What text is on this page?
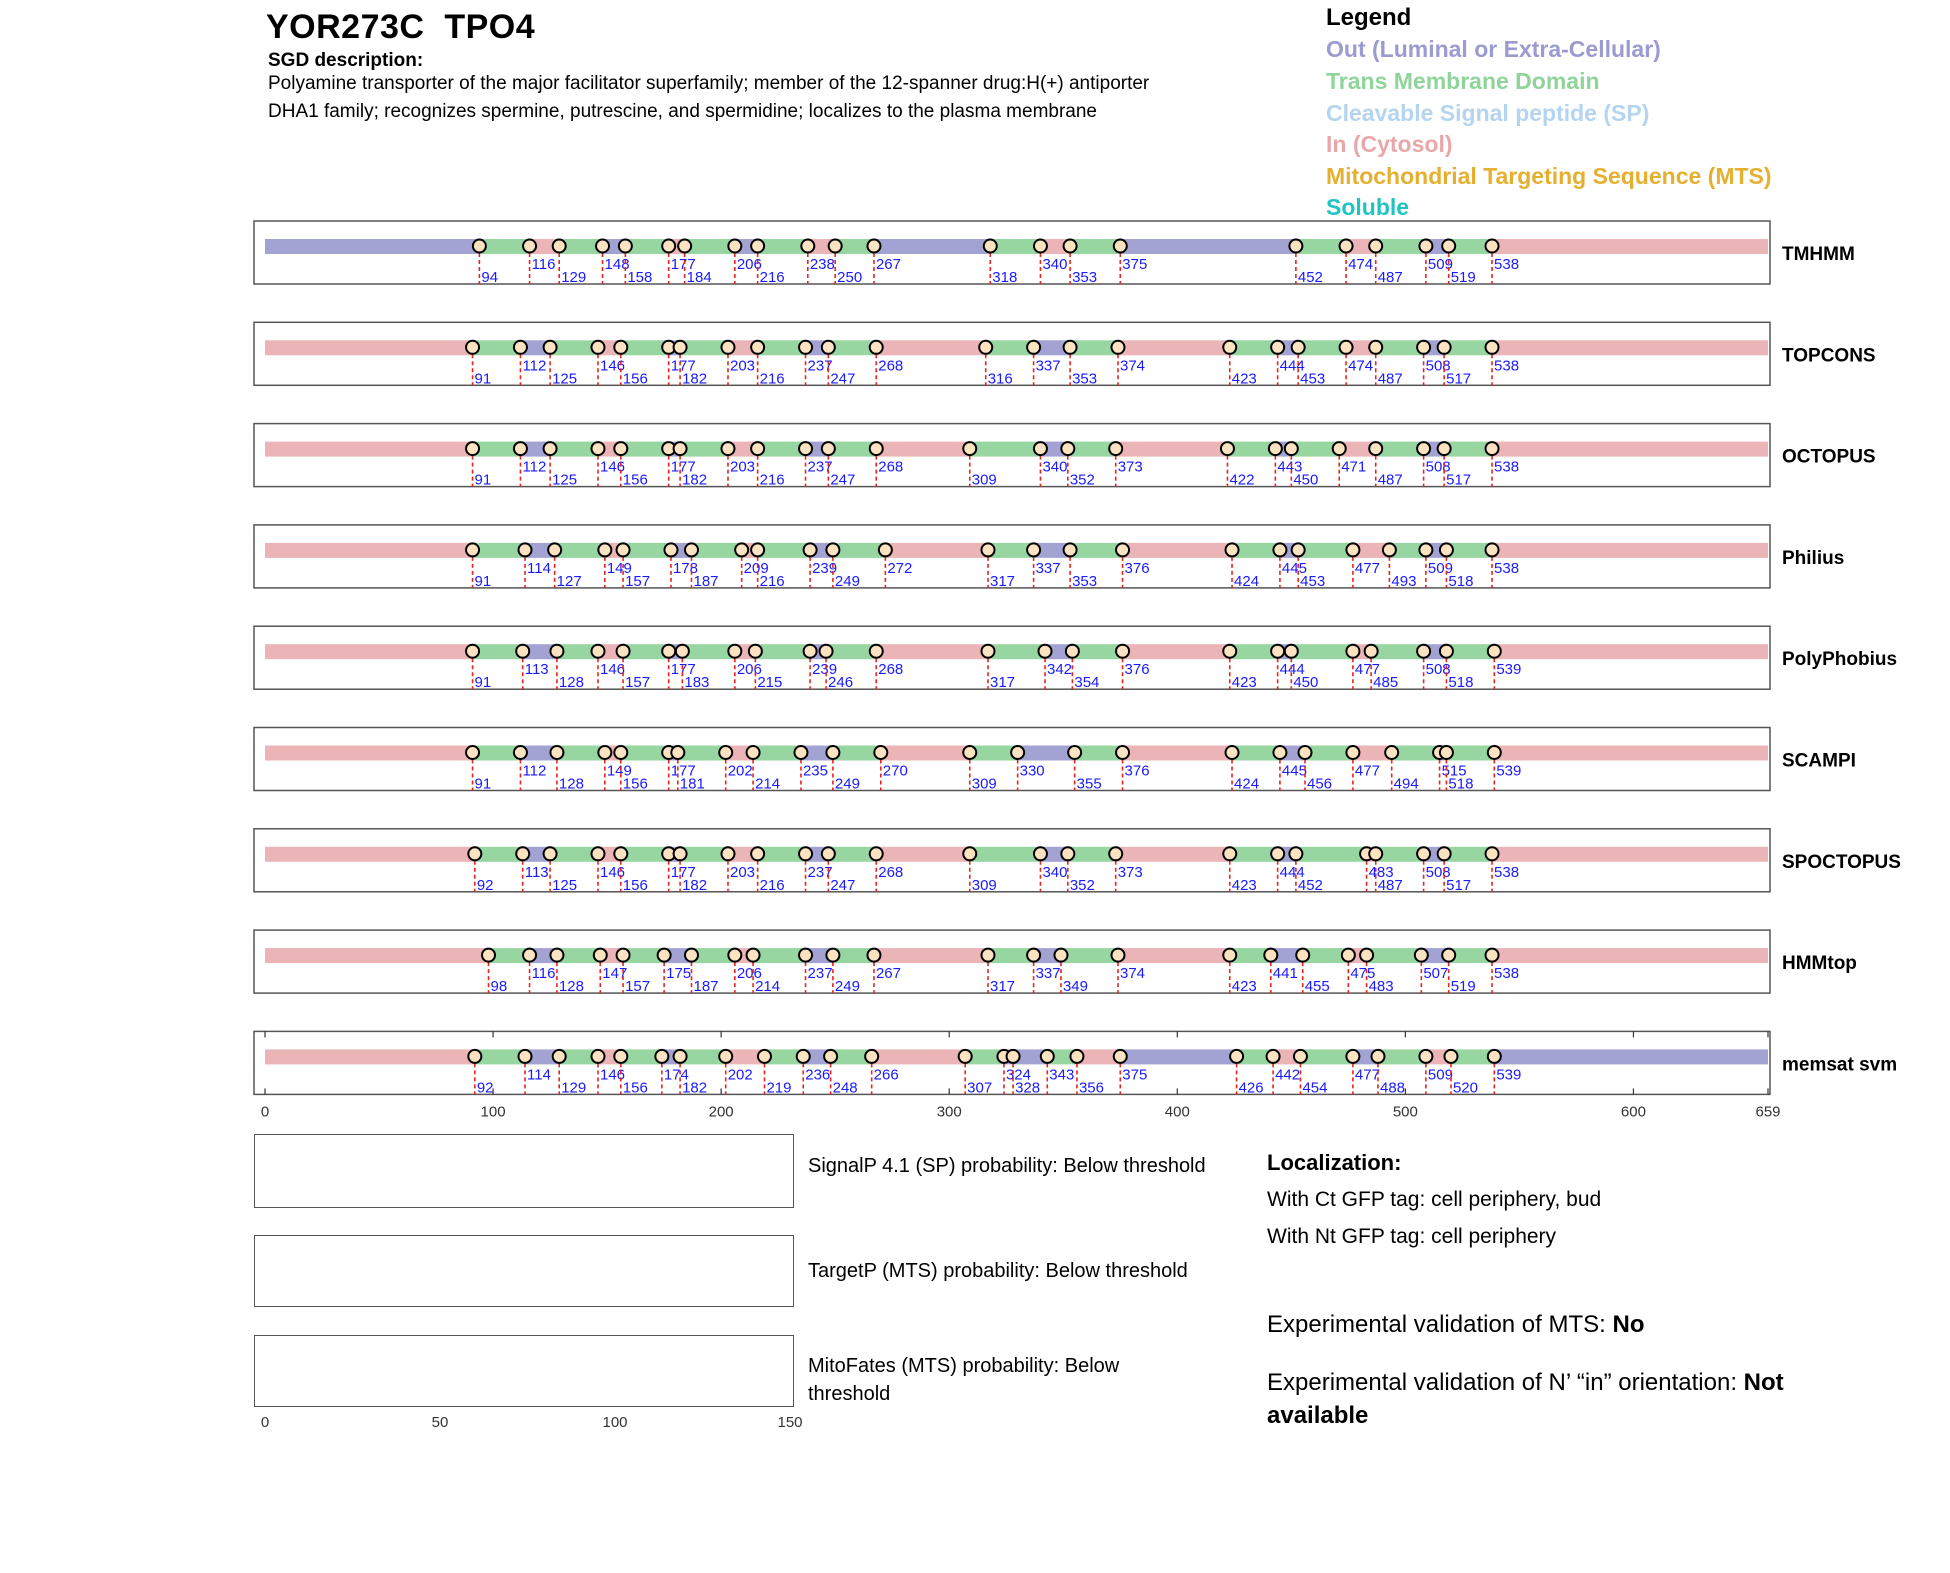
YOR273C  TPO4
SGD description:
Polyamine transporter of the major facilitator superfamily; member of the 12-spanner drug:H(+) antiporter
DHA1 family; recognizes spermine, putrescine, and spermidine; localizes to the plasma membrane
Legend
Out (Luminal or Extra-Cellular)
Trans Membrane Domain
Cleavable Signal peptide (SP)
In (Cytosol)
Mitochondrial Targeting Sequence (MTS)
Soluble
94
116
129
148
158
177
184
206
216
238
250
267
318
340
353
375
452
474
487
509
519
538	TMHMM
91
112
125
146
156
177
182
203
216
237
247
268
316
337
353
374
423
444
453
474
487
508
517
538	TOPCONS
91
112
125
146
156
177
182
203
216
237
247
268
309
340
352
373
422
443
450
471
487
508
517
538	OCTOPUS
91
114
127
149
157
178
187
209
216
239
249
272
317
337
353
376
424
445
453
477
493
509
518
538	Philius
91
113
128
146
157
177
183
206
215
239
246
268
317
342
354
376
423
444
450
477
485
508
518
539	PolyPhobius
91
112
128
149
156
177
181
202
214
235
249
270
309
330
355
376
424
445
456
477
494
515
518
539	SCAMPI
92
113
125
146
156
177
182
203
216
237
247
268
309
340
352
373
423
444
452
483
487
508
517
538	SPOCTOPUS
98
116
128
147
157
175
187
206
214
237
249
267
317
337
349
374
423
441
455
475
483
507
519
538	HMMtop
92
114
129
146
156
174
182
202
219
236
248
266
307
324
328
343
356
375
426
442
454
477
488
509
520
539	memsat svm
0	100	200	300	400	500	600	659
0	50	100	150
SignalP 4.1 (SP) probability: Below threshold
TargetP (MTS) probability: Below threshold
MitoFates (MTS) probability: Below threshold
Localization:
With Ct GFP tag: cell periphery, bud
With Nt GFP tag: cell periphery
Experimental validation of MTS: No
Experimental validation of N’ “in” orientation: Not available
